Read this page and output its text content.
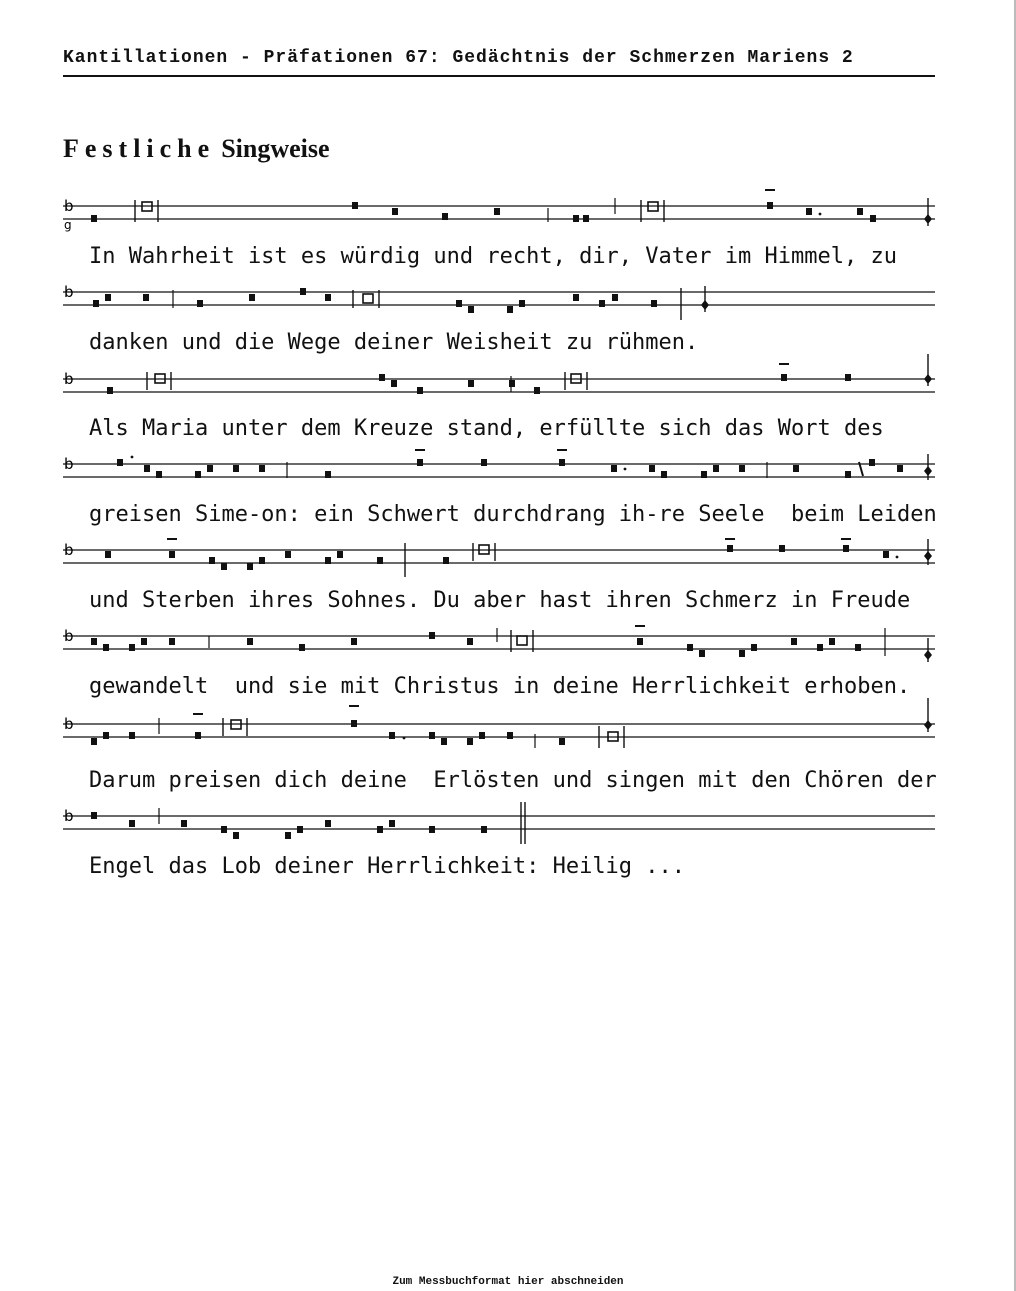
Kantillationen - Präfationen 67: Gedächtnis der Schmerzen Mariens 2
Festliche Singweise
b
g
In Wahrheit ist es würdig und recht, dir, Vater im Himmel, zu
b
danken und die Wege deiner Weisheit zu rühmen.
b
Als Maria unter dem Kreuze stand, erfüllte sich das Wort des
b
greisen Sime-on: ein Schwert durchdrang ih-re Seele  beim Leiden
b
und Sterben ihres Sohnes. Du aber hast ihren Schmerz in Freude
b
gewandelt  und sie mit Christus in deine Herrlichkeit erhoben.
b
Darum preisen dich deine  Erlösten und singen mit den Chören der
b
Engel das Lob deiner Herrlichkeit: Heilig ...
Zum Messbuchformat hier abschneiden
